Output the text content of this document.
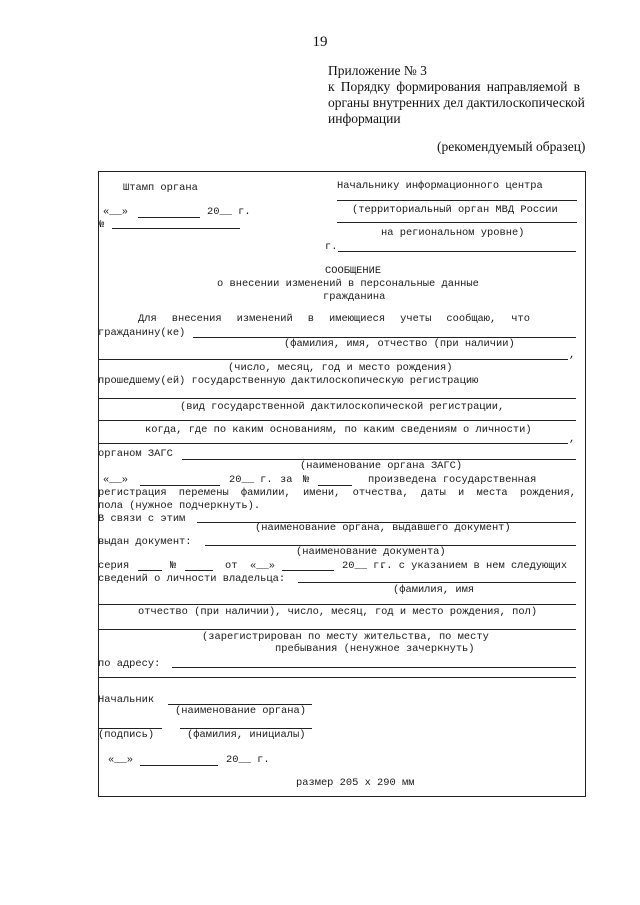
19
Приложение № 3
к Порядку формирования направляемой в
органы внутренних дел дактилоскопической
информации
(рекомендуемый образец)
Штамп органа
«__»	20__ г.
№
Начальнику информационного центра
(территориальный орган МВД России
на региональном уровне)
г.
СООБЩЕНИЕ
о внесении изменений в персональные данные
гражданина
Для внесения изменений в имеющиеся учеты сообщаю, что
гражданину(ке)
(фамилия, имя, отчество (при наличии)
,
(число, месяц, год и место рождения)
прошедшему(ей) государственную дактилоскопическую регистрацию
(вид государственной дактилоскопической регистрации,
когда, где по каким основаниям, по каким сведениям о личности)
,
органом ЗАГС
(наименование органа ЗАГС)
«__»	20__ г. за №	произведена государственная
регистрация перемены фамилии, имени, отчества, даты и места рождения,
пола (нужное подчеркнуть).
В связи с этим
(наименование органа, выдавшего документ)
выдан документ:
(наименование документа)
серия	№	от «__»	20__ г.
г. с указанием в нем следующих
сведений о личности владельца:
(фамилия, имя
отчество (при наличии), число, месяц, год и место рождения, пол)
(зарегистрирован по месту жительства, по месту
пребывания (ненужное зачеркнуть)
по адресу:
Начальник
(наименование органа)
(подпись)	(фамилия, инициалы)
«__»	20__ г.
размер 205 x 290 мм
